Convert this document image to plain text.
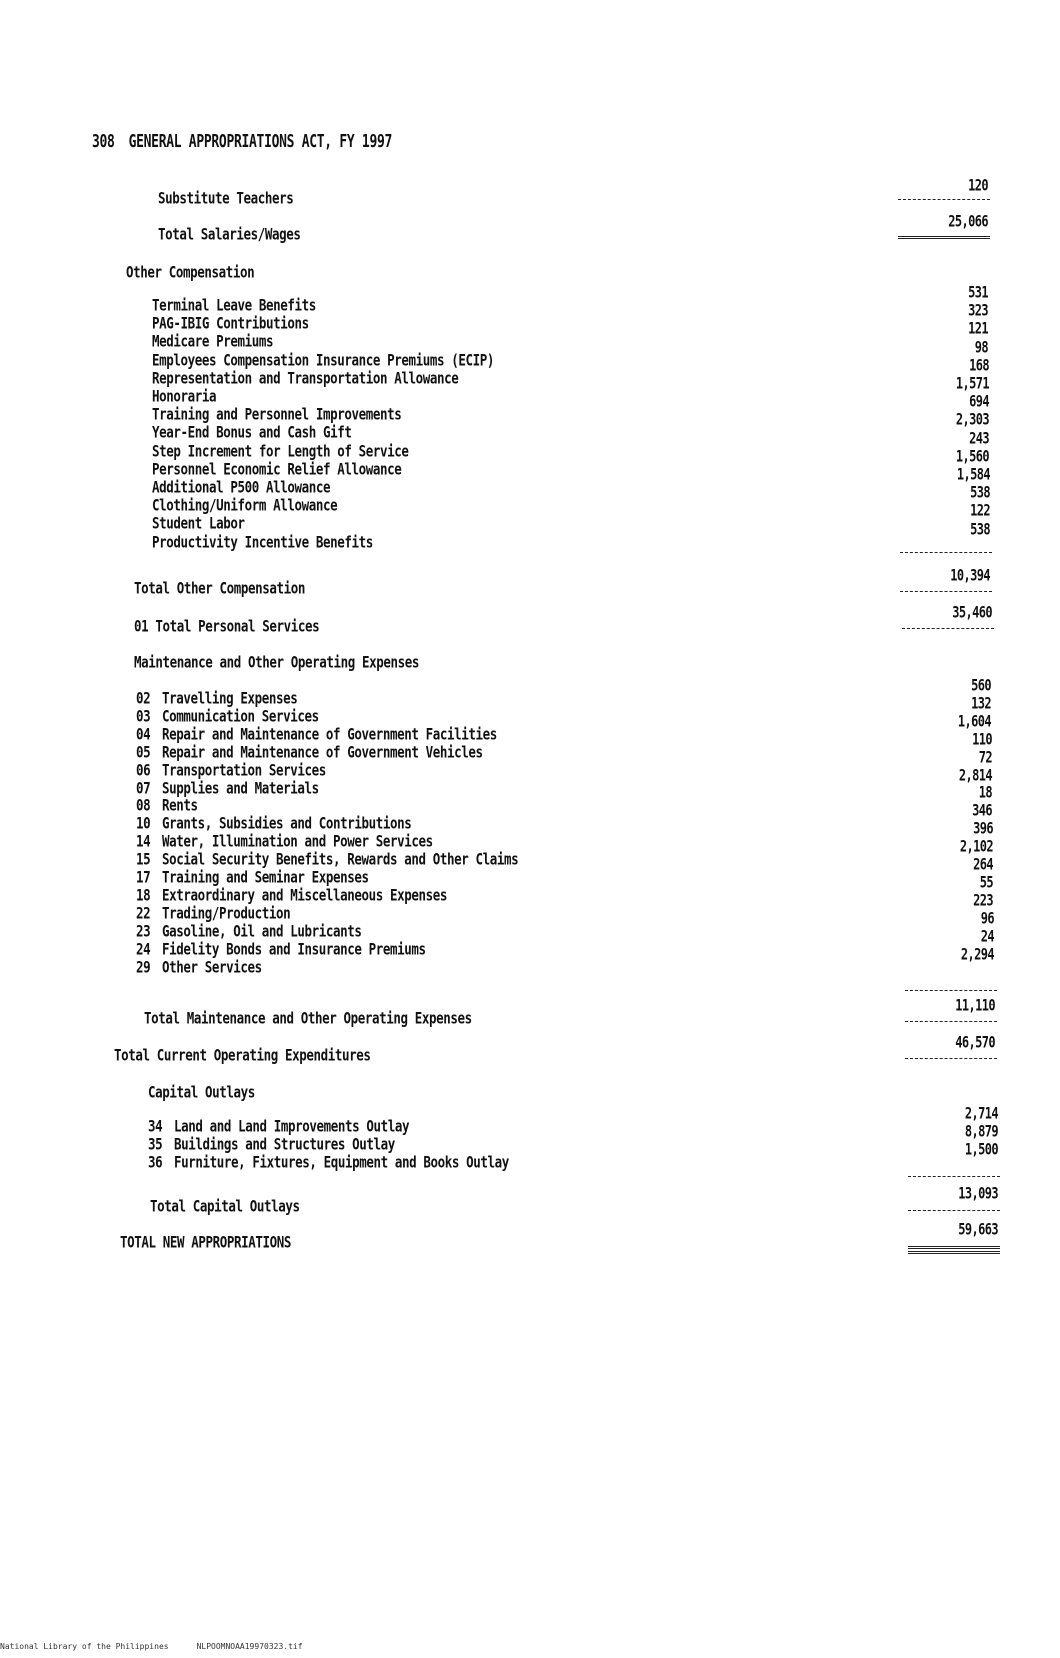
308 GENERAL APPROPRIATIONS ACT, FY 1997
Substitute Teachers
120
Total Salaries/Wages
25,066
Other Compensation
Terminal Leave Benefits
531
PAG-IBIG Contributions
323
Medicare Premiums
121
Employees Compensation Insurance Premiums (ECIP)
98
Representation and Transportation Allowance
168
Honoraria
1,571
Training and Personnel Improvements
694
Year-End Bonus and Cash Gift
2,303
Step Increment for Length of Service
243
Personnel Economic Relief Allowance
1,560
Additional P500 Allowance
1,584
Clothing/Uniform Allowance
538
Student Labor
122
Productivity Incentive Benefits
538
Total Other Compensation
10,394
01 Total Personal Services
35,460
Maintenance and Other Operating Expenses
02 Travelling Expenses
560
03 Communication Services
132
04 Repair and Maintenance of Government Facilities
1,604
05 Repair and Maintenance of Government Vehicles
110
06 Transportation Services
72
07 Supplies and Materials
2,814
08 Rents
18
10 Grants, Subsidies and Contributions
346
14 Water, Illumination and Power Services
396
15 Social Security Benefits, Rewards and Other Claims
2,102
17 Training and Seminar Expenses
264
18 Extraordinary and Miscellaneous Expenses
55
22 Trading/Production
223
23 Gasoline, Oil and Lubricants
96
24 Fidelity Bonds and Insurance Premiums
24
29 Other Services
2,294
Total Maintenance and Other Operating Expenses
11,110
Total Current Operating Expenditures
46,570
Capital Outlays
34 Land and Land Improvements Outlay
2,714
35 Buildings and Structures Outlay
8,879
36 Furniture, Fixtures, Equipment and Books Outlay
1,500
Total Capital Outlays
13,093
TOTAL NEW APPROPRIATIONS
59,663
National Library of the Philippines	NLPOOMNOAA19970323.tif
